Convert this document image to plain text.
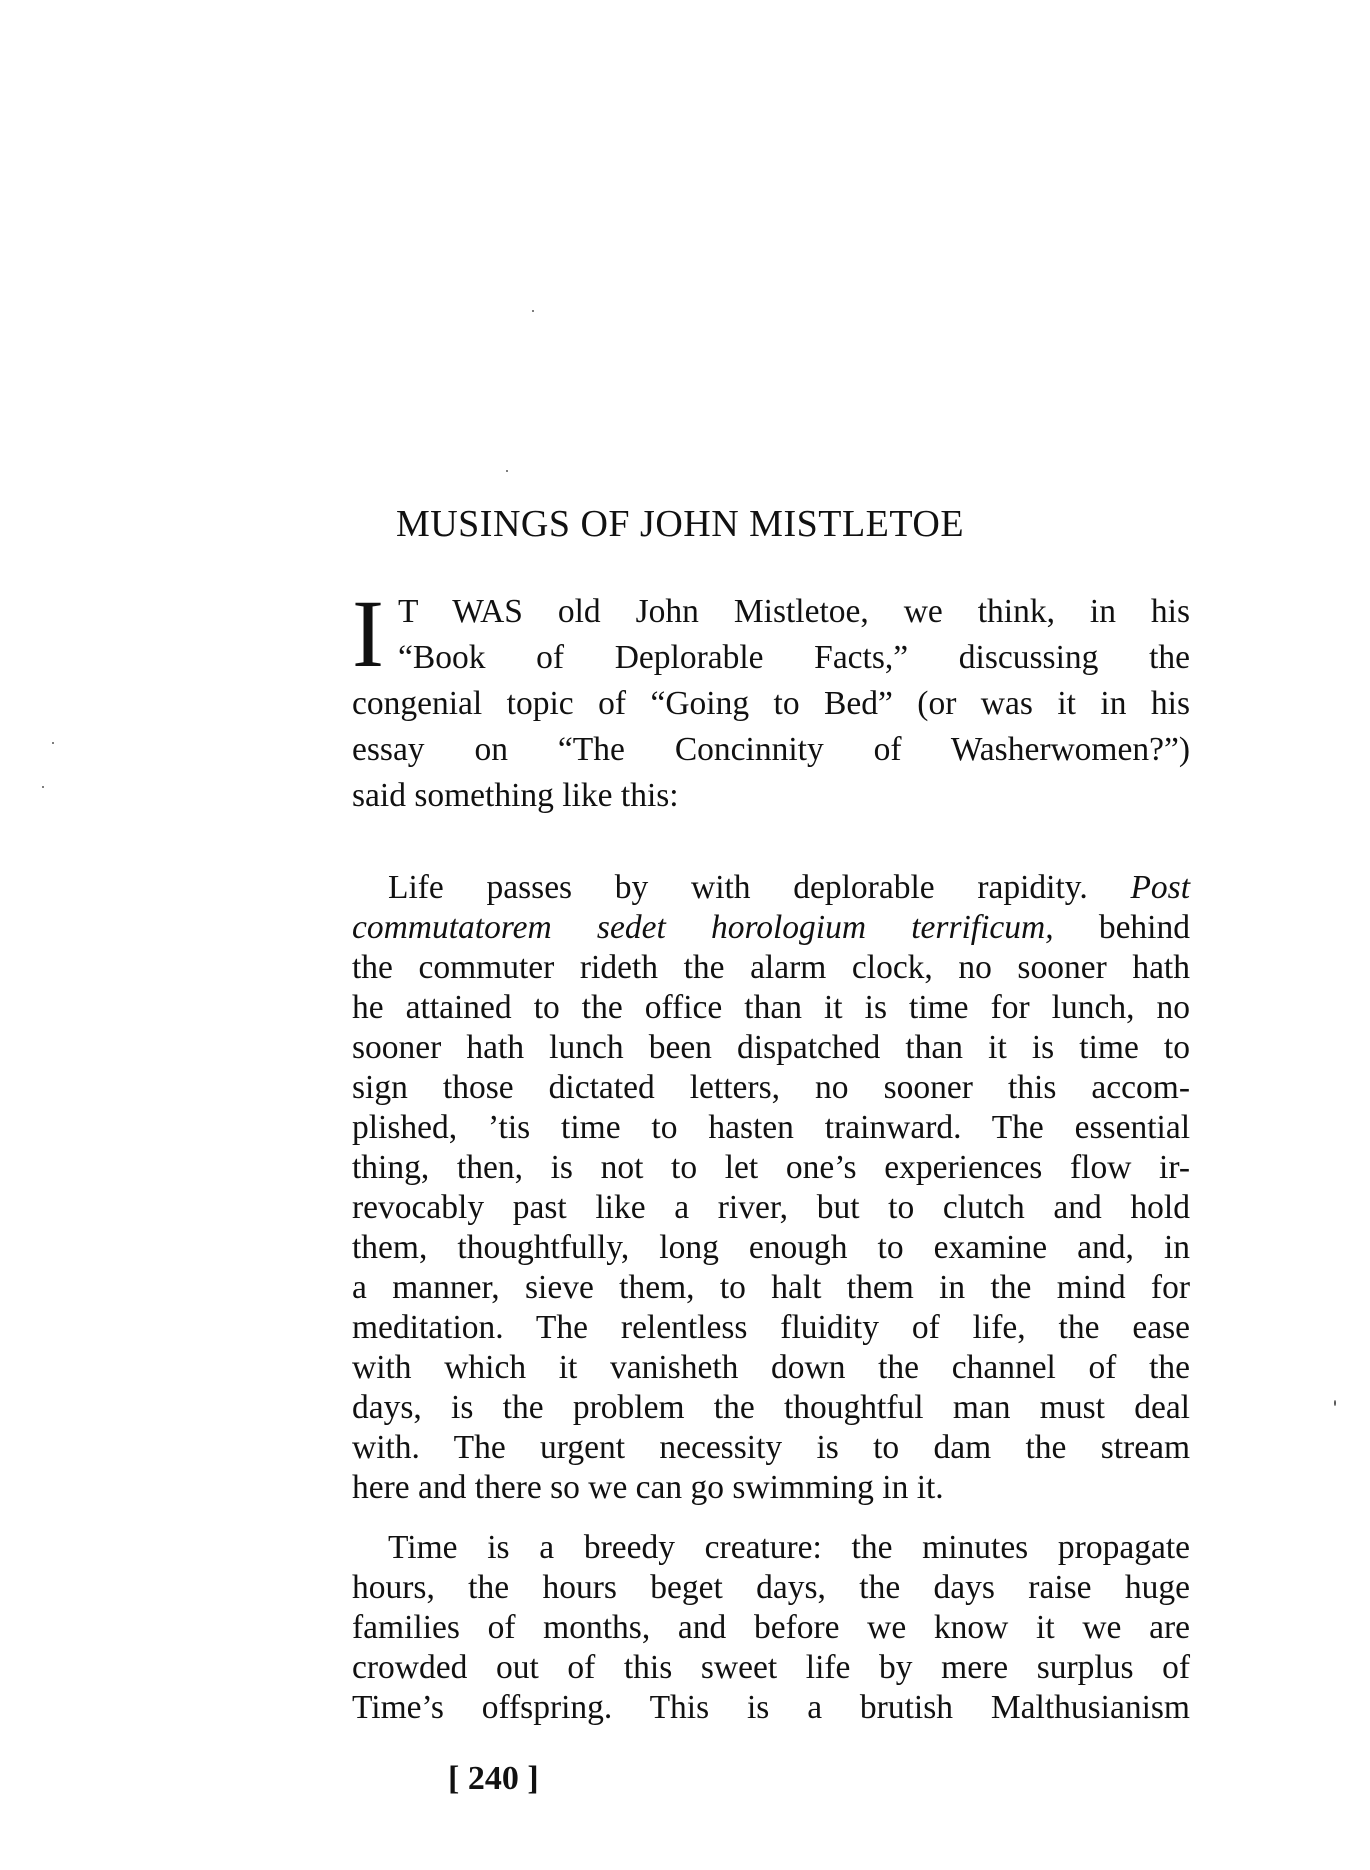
MUSINGS OF JOHN MISTLETOE
I T WAS old John Mistletoe, we think, in his
“Book of Deplorable Facts,” discussing the
congenial topic of “Going to Bed” (or was it in his
essay on “The Concinnity of Washerwomen?”)
said something like this:
Life passes by with deplorable rapidity. Post
commutatorem sedet horologium terrificum, behind
the commuter rideth the alarm clock, no sooner hath
he attained to the office than it is time for lunch, no
sooner hath lunch been dispatched than it is time to
sign those dictated letters, no sooner this accom-
plished, ’tis time to hasten trainward. The essential
thing, then, is not to let one’s experiences flow ir-
revocably past like a river, but to clutch and hold
them, thoughtfully, long enough to examine and, in
a manner, sieve them, to halt them in the mind for
meditation. The relentless fluidity of life, the ease
with which it vanisheth down the channel of the
days, is the problem the thoughtful man must deal
with. The urgent necessity is to dam the stream
here and there so we can go swimming in it.
Time is a breedy creature: the minutes propagate
hours, the hours beget days, the days raise huge
families of months, and before we know it we are
crowded out of this sweet life by mere surplus of
Time’s offspring. This is a brutish Malthusianism
[ 240 ]
